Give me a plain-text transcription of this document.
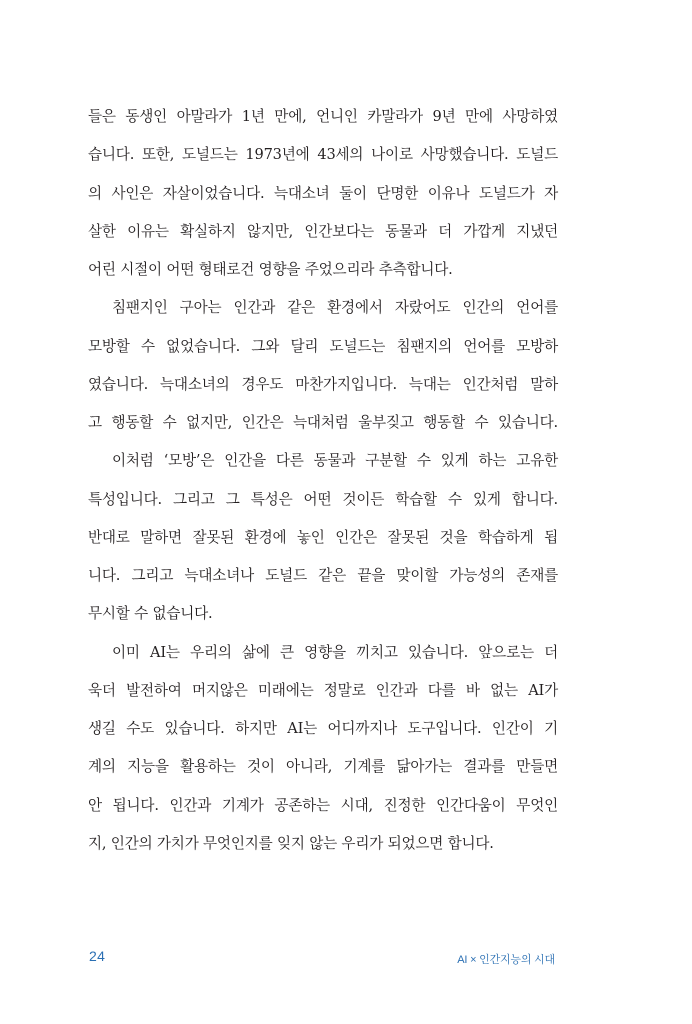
들은 동생인 아말라가 1년 만에, 언니인 카말라가 9년 만에 사망하였
습니다. 또한, 도널드는 1973년에 43세의 나이로 사망했습니다. 도널드
의 사인은 자살이었습니다. 늑대소녀 둘이 단명한 이유나 도널드가 자
살한 이유는 확실하지 않지만, 인간보다는 동물과 더 가깝게 지냈던
어린 시절이 어떤 형태로건 영향을 주었으리라 추측합니다.
침팬지인 구아는 인간과 같은 환경에서 자랐어도 인간의 언어를
모방할 수 없었습니다. 그와 달리 도널드는 침팬지의 언어를 모방하
였습니다. 늑대소녀의 경우도 마찬가지입니다. 늑대는 인간처럼 말하
고 행동할 수 없지만, 인간은 늑대처럼 울부짖고 행동할 수 있습니다.
이처럼 ‘모방’은 인간을 다른 동물과 구분할 수 있게 하는 고유한
특성입니다. 그리고 그 특성은 어떤 것이든 학습할 수 있게 합니다.
반대로 말하면 잘못된 환경에 놓인 인간은 잘못된 것을 학습하게 됩
니다. 그리고 늑대소녀나 도널드 같은 끝을 맞이할 가능성의 존재를
무시할 수 없습니다.
이미 AI는 우리의 삶에 큰 영향을 끼치고 있습니다. 앞으로는 더
욱더 발전하여 머지않은 미래에는 정말로 인간과 다를 바 없는 AI가
생길 수도 있습니다. 하지만 AI는 어디까지나 도구입니다. 인간이 기
계의 지능을 활용하는 것이 아니라, 기계를 닮아가는 결과를 만들면
안 됩니다. 인간과 기계가 공존하는 시대, 진정한 인간다움이 무엇인
지, 인간의 가치가 무엇인지를 잊지 않는 우리가 되었으면 합니다.
24	AI × 인간지능의 시대
